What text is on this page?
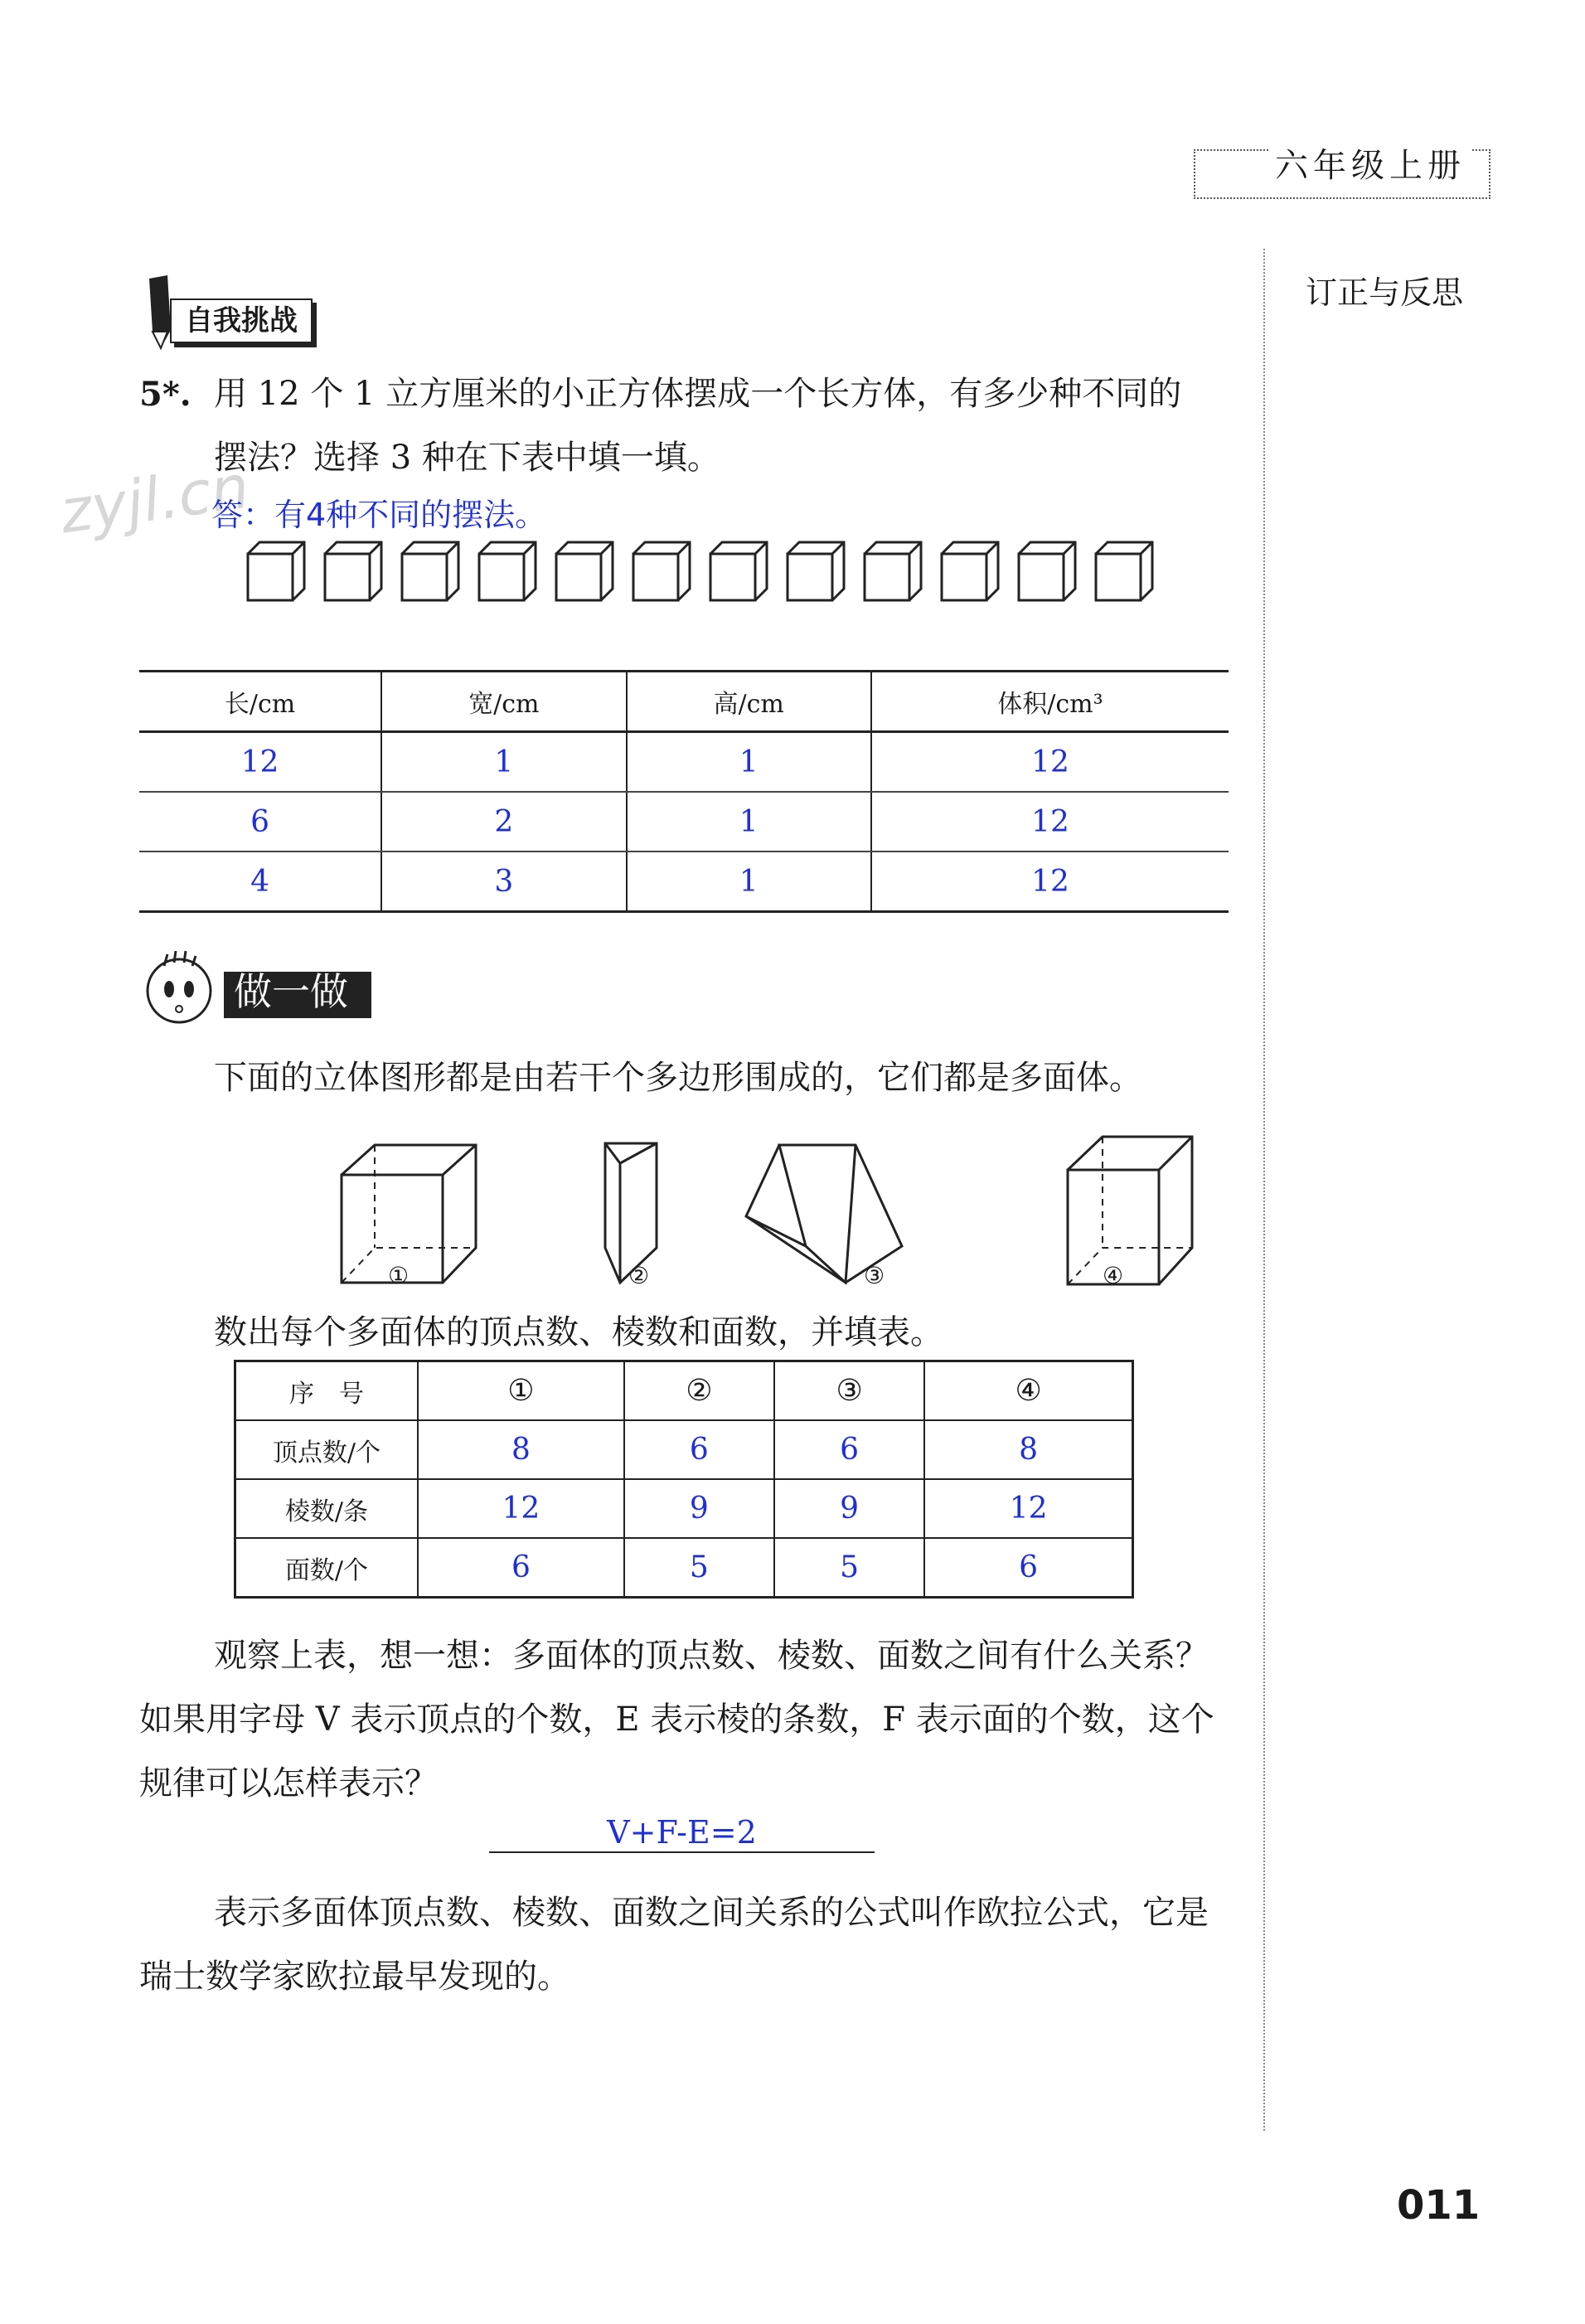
六年级上册
订正与反思
自我挑战
5*. 用 12 个 1 立方厘米的小正方体摆成一个长方体，有多少种不同的
摆法？选择 3 种在下表中填一填。
zyjl.cn
答：有4种不同的摆法。
长/cm	宽/cm	高/cm	体积/cm³
12	1	1	12
6	2	1	12
4	3	1	12
做一做
下面的立体图形都是由若干个多边形围成的，它们都是多面体。
①	②	③	④
数出每个多面体的顶点数、棱数和面数，并填表。
序　号	①	②	③	④
顶点数/个	8	6	6	8
棱数/条	12	9	9	12
面数/个	6	5	5	6
观察上表，想一想：多面体的顶点数、棱数、面数之间有什么关系？
如果用字母 V 表示顶点的个数，E 表示棱的条数，F 表示面的个数，这个
规律可以怎样表示？
V+F-E=2
表示多面体顶点数、棱数、面数之间关系的公式叫作欧拉公式，它是
瑞士数学家欧拉最早发现的。
011
